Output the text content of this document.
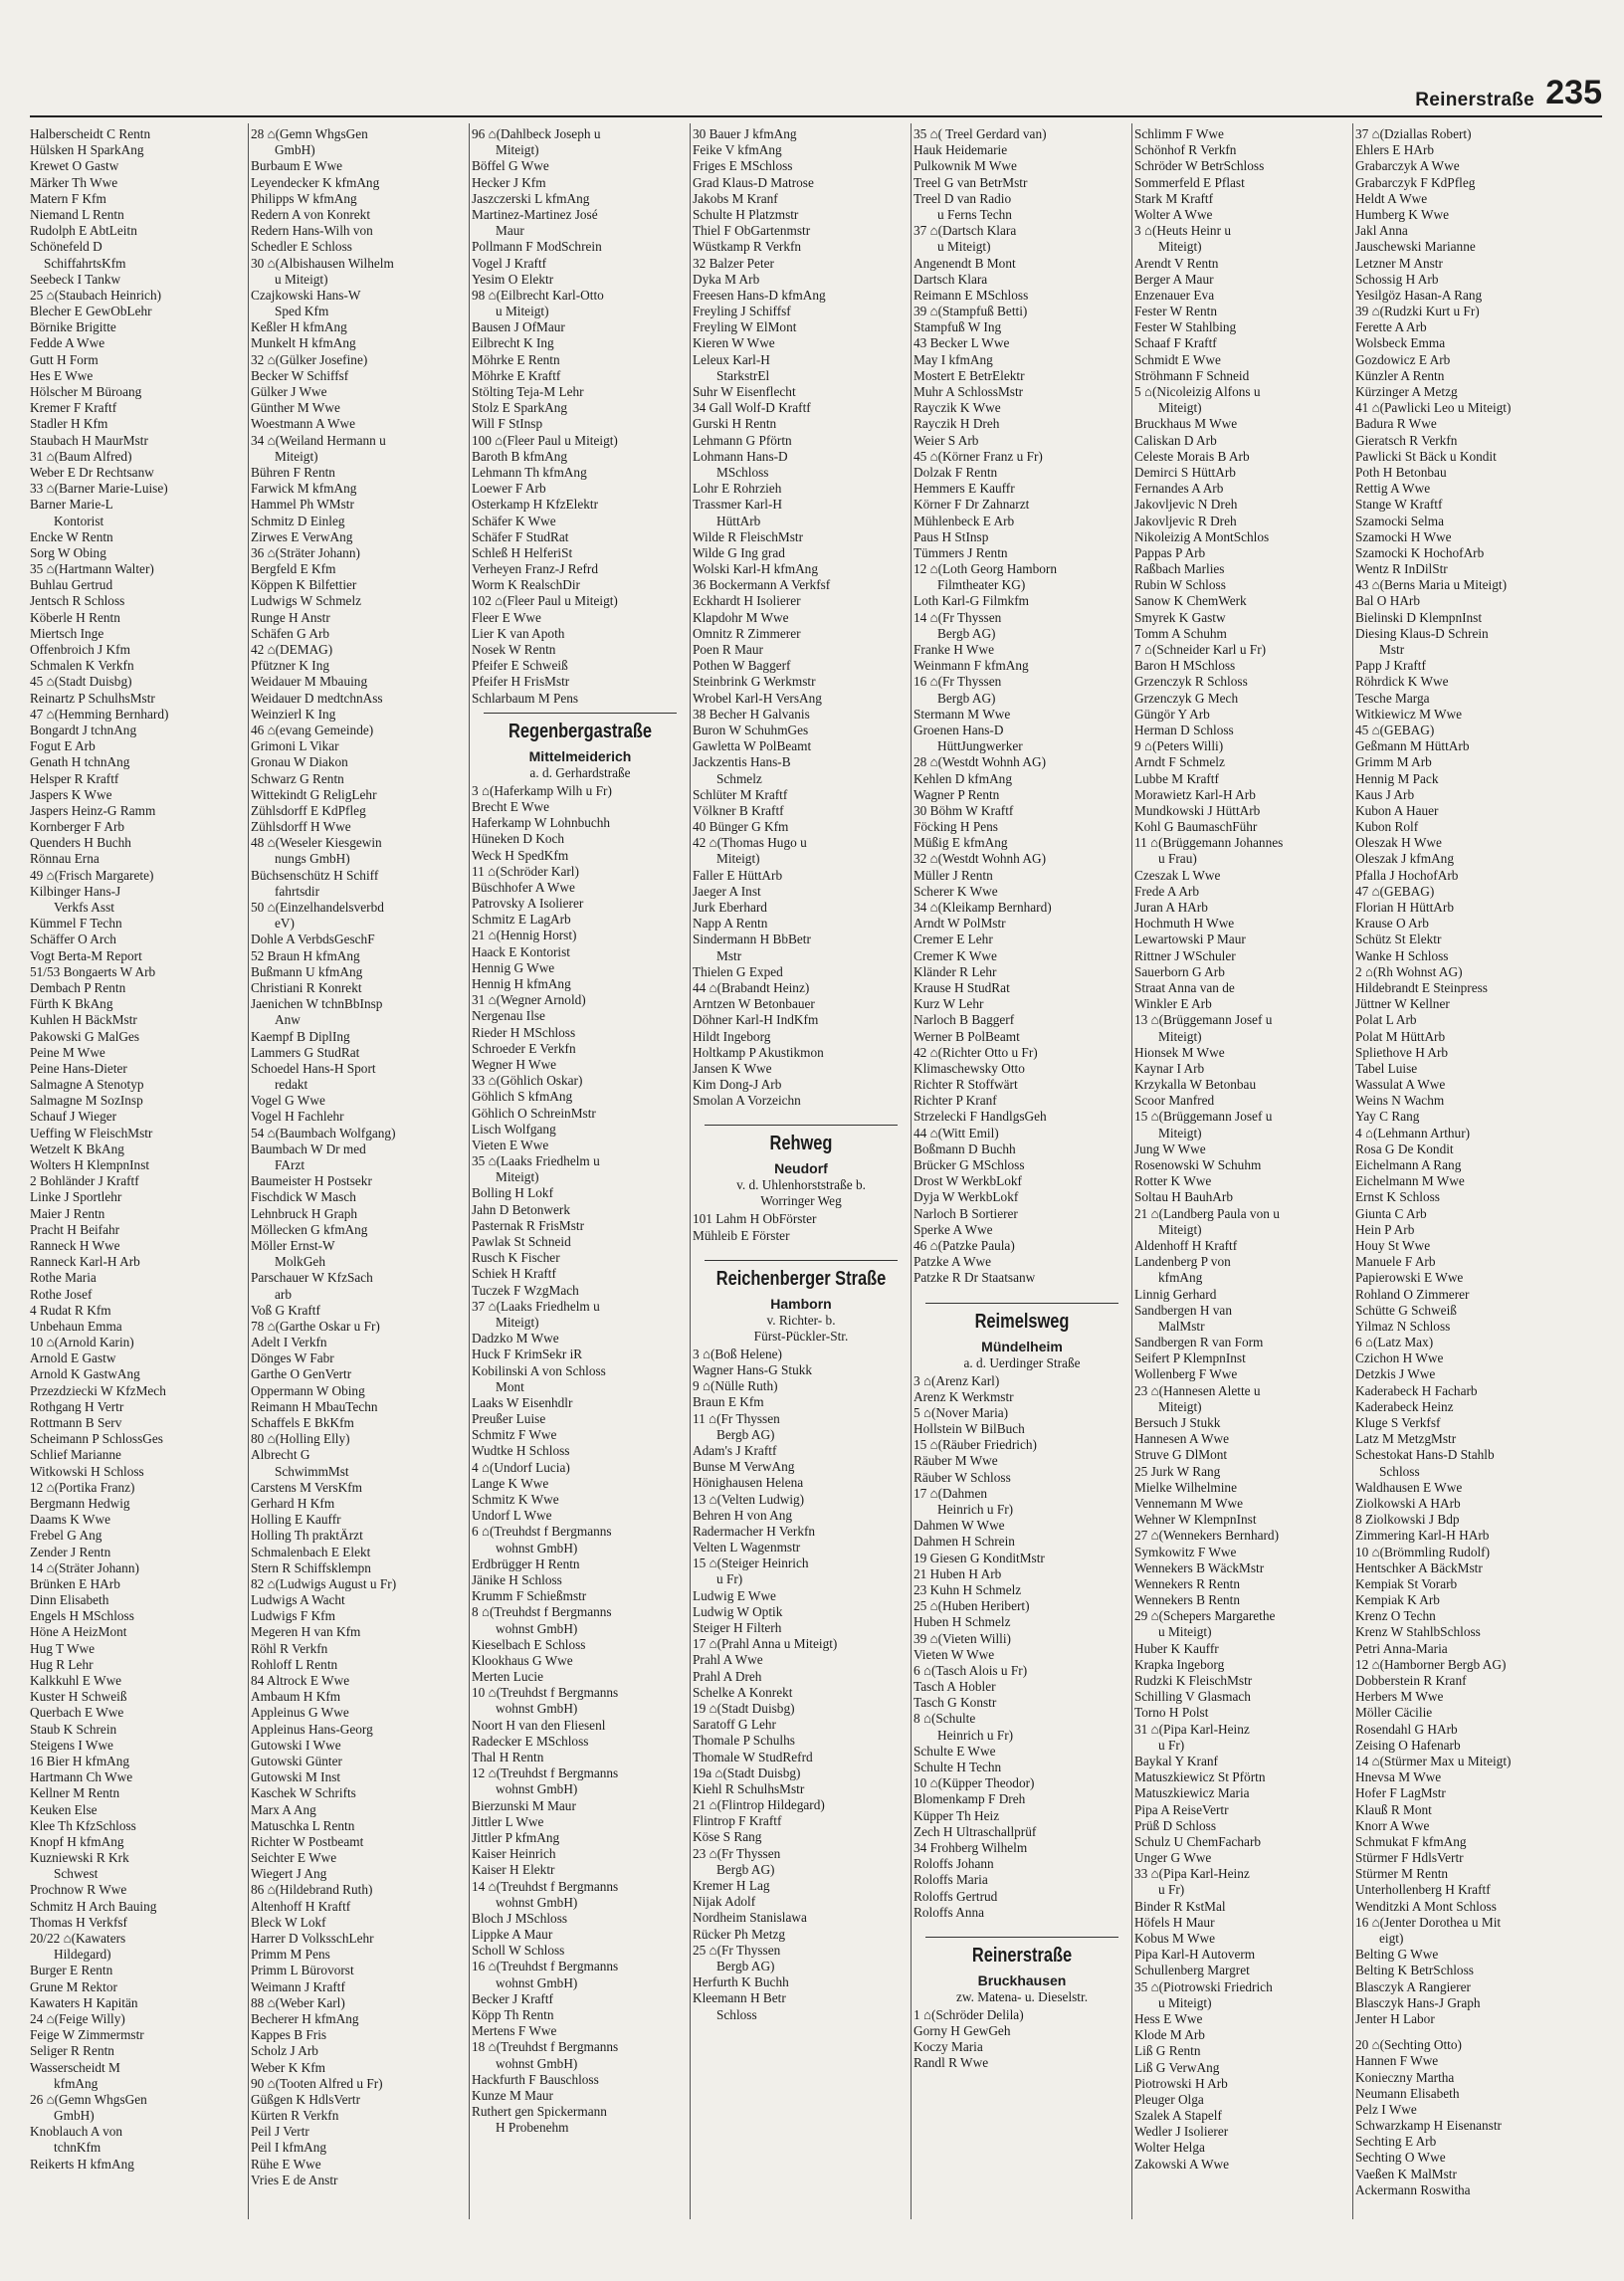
Reinerstraße 235
Halberscheidt C Rentn
Hülsken H SparkAng
Krewet O Gastw
Märker Th Wwe
Matern F Kfm
Niemand L Rentn
Rudolph E AbtLeitn
Schönefeld D
SchiffahrtsKfm
Seebeck I Tankw
25 ⌂(Staubach Heinrich)
Blecher E GewObLehr
Börnike Brigitte
Fedde A Wwe
Gutt H Form
Hes E Wwe
Hölscher M Büroang
Kremer F Kraftf
Stadler H Kfm
Staubach H MaurMstr
31 ⌂(Baum Alfred)
Weber E Dr Rechtsanw
33 ⌂(Barner Marie-Luise)
Barner Marie-L
Kontorist
Encke W Rentn
Sorg W Obing
35 ⌂(Hartmann Walter)
Buhlau Gertrud
Jentsch R Schloss
Köberle H Rentn
Miertsch Inge
Offenbroich J Kfm
Schmalen K Verkfn
45 ⌂(Stadt Duisbg)
Reinartz P SchulhsMstr
47 ⌂(Hemming Bernhard)
Bongardt J tchnAng
Fogut E Arb
Genath H tchnAng
Helsper R Kraftf
Jaspers K Wwe
Jaspers Heinz-G Ramm
Kornberger F Arb
Quenders H Buchh
Rönnau Erna
49 ⌂(Frisch Margarete)
Kilbinger Hans-J
Verkfs Asst
Kümmel F Techn
Schäffer O Arch
Vogt Berta-M Report
51/53 Bongaerts W Arb
Dembach P Rentn
Fürth K BkAng
Kuhlen H BäckMstr
Pakowski G MalGes
Peine M Wwe
Peine Hans-Dieter
Salmagne A Stenotyp
Salmagne M SozInsp
Schauf J Wieger
Ueffing W FleischMstr
Wetzelt K BkAng
Wolters H KlempnInst
2 Bohländer J Kraftf
Linke J Sportlehr
Maier J Rentn
Pracht H Beifahr
Ranneck H Wwe
Ranneck Karl-H Arb
Rothe Maria
Rothe Josef
4 Rudat R Kfm
Unbehaun Emma
10 ⌂(Arnold Karin)
Arnold E Gastw
Arnold K GastwAng
Przezdziecki W KfzMech
Rothgang H Vertr
Rottmann B Serv
Scheimann P SchlossGes
Schlief Marianne
Witkowski H Schloss
12 ⌂(Portika Franz)
Bergmann Hedwig
Daams K Wwe
Frebel G Ang
Zender J Rentn
14 ⌂(Sträter Johann)
Brünken E HArb
Dinn Elisabeth
Engels H MSchloss
Höne A HeizMont
Hug T Wwe
Hug R Lehr
Kalkkuhl E Wwe
Kuster H Schweiß
Querbach E Wwe
Staub K Schrein
Steigens I Wwe
16 Bier H kfmAng
Hartmann Ch Wwe
Kellner M Rentn
Keuken Else
Klee Th KfzSchloss
Knopf H kfmAng
Kuzniewski R Krk
Schwest
Prochnow R Wwe
Schmitz H Arch Bauing
Thomas H Verkfsf
20/22 ⌂(Kawaters
Hildegard)
Burger E Rentn
Grune M Rektor
Kawaters H Kapitän
24 ⌂(Feige Willy)
Feige W Zimmermstr
Seliger R Rentn
Wasserscheidt M
kfmAng
26 ⌂(Gemn WhgsGen
GmbH)
Knoblauch A von
tchnKfm
Reikerts H kfmAng
28 ⌂(Gemn WhgsGen
GmbH)
Burbaum E Wwe
Leyendecker K kfmAng
Philipps W kfmAng
Redern A von Konrekt
Redern Hans-Wilh von
Schedler E Schloss
30 ⌂(Albishausen Wilhelm
u Miteigt)
Czajkowski Hans-W
Sped Kfm
Keßler H kfmAng
Munkelt H kfmAng
32 ⌂(Gülker Josefine)
Becker W Schiffsf
Gülker J Wwe
Günther M Wwe
Woestmann A Wwe
34 ⌂(Weiland Hermann u
Miteigt)
Bühren F Rentn
Farwick M kfmAng
Hammel Ph WMstr
Schmitz D Einleg
Zirwes E VerwAng
36 ⌂(Sträter Johann)
Bergfeld E Kfm
Köppen K Bilfettier
Ludwigs W Schmelz
Runge H Anstr
Schäfen G Arb
42 ⌂(DEMAG)
Pfützner K Ing
Weidauer M Mbauing
Weidauer D medtchnAss
Weinzierl K Ing
46 ⌂(evang Gemeinde)
Grimoni L Vikar
Gronau W Diakon
Schwarz G Rentn
Wittekindt G ReligLehr
Zühlsdorff E KdPfleg
Zühlsdorff H Wwe
48 ⌂(Weseler Kiesgewin
nungs GmbH)
Büchsenschütz H Schiff
fahrtsdir
50 ⌂(Einzelhandelsverbd
eV)
Dohle A VerbdsGeschF
52 Braun H kfmAng
Bußmann U kfmAng
Christiani R Konrekt
Jaenichen W tchnBbInsp
Anw
Kaempf B DiplIng
Lammers G StudRat
Schoedel Hans-H Sport
redakt
Vogel G Wwe
Vogel H Fachlehr
54 ⌂(Baumbach Wolfgang)
Baumbach W Dr med
FArzt
Baumeister H Postsekr
Fischdick W Masch
Lehnbruck H Graph
Möllecken G kfmAng
Möller Ernst-W
MolkGeh
Parschauer W KfzSach
arb
Voß G Kraftf
78 ⌂(Garthe Oskar u Fr)
Adelt I Verkfn
Dönges W Fabr
Garthe O GenVertr
Oppermann W Obing
Reimann H MbauTechn
Schaffels E BkKfm
80 ⌂(Holling Elly)
Albrecht G
SchwimmMst
Carstens M VersKfm
Gerhard H Kfm
Holling E Kauffr
Holling Th praktÄrzt
Schmalenbach E Elekt
Stern R Schiffsklempn
82 ⌂(Ludwigs August u Fr)
Ludwigs A Wacht
Ludwigs F Kfm
Megeren H van Kfm
Röhl R Verkfn
Rohloff L Rentn
84 Altrock E Wwe
Ambaum H Kfm
Appleinus G Wwe
Appleinus Hans-Georg
Gutowski I Wwe
Gutowski Günter
Gutowski M Inst
Kaschek W Schrifts
Marx A Ang
Matuschka L Rentn
Richter W Postbeamt
Seichter E Wwe
Wiegert J Ang
86 ⌂(Hildebrand Ruth)
Altenhoff H Kraftf
Bleck W Lokf
Harrer D VolksschLehr
Primm M Pens
Primm L Bürovorst
Weimann J Kraftf
88 ⌂(Weber Karl)
Becherer H kfmAng
Kappes B Fris
Scholz J Arb
Weber K Kfm
90 ⌂(Tooten Alfred u Fr)
Güßgen K HdlsVertr
Kürten R Verkfn
Peil J Vertr
Peil I kfmAng
Rühe E Wwe
Vries E de Anstr
96 ⌂(Dahlbeck Joseph u
Miteigt)
Böffel G Wwe
Hecker J Kfm
Jaszczerski L kfmAng
Martinez-Martinez José
Maur
Pollmann F ModSchrein
Vogel J Kraftf
Yesim O Elektr
98 ⌂(Eilbrecht Karl-Otto
u Miteigt)
Bausen J OfMaur
Eilbrecht K Ing
Möhrke E Rentn
Möhrke E Kraftf
Stölting Teja-M Lehr
Stolz E SparkAng
Will F StInsp
100 ⌂(Fleer Paul u Miteigt)
Baroth B kfmAng
Lehmann Th kfmAng
Loewer F Arb
Osterkamp H KfzElektr
Schäfer K Wwe
Schäfer F StudRat
Schleß H HelferiSt
Verheyen Franz-J Refrd
Worm K RealschDir
102 ⌂(Fleer Paul u Miteigt)
Fleer E Wwe
Lier K van Apoth
Nosek W Rentn
Pfeifer E Schweiß
Pfeifer H FrisMstr
Schlarbaum M Pens
Regenbergastraße
Mittelmeiderich
a. d. Gerhardstraße
3 ⌂(Haferkamp Wilh u Fr)
Brecht E Wwe
Haferkamp W Lohnbuchh
Hüneken D Koch
Weck H SpedKfm
11 ⌂(Schröder Karl)
Büschhofer A Wwe
Patrovsky A Isolierer
Schmitz E LagArb
21 ⌂(Hennig Horst)
Haack E Kontorist
Hennig G Wwe
Hennig H kfmAng
31 ⌂(Wegner Arnold)
Nergenau Ilse
Rieder H MSchloss
Schroeder E Verkfn
Wegner H Wwe
33 ⌂(Göhlich Oskar)
Göhlich S kfmAng
Göhlich O SchreinMstr
Lisch Wolfgang
Vieten E Wwe
35 ⌂(Laaks Friedhelm u
Miteigt)
Bolling H Lokf
Jahn D Betonwerk
Pasternak R FrisMstr
Pawlak St Schneid
Rusch K Fischer
Schiek H Kraftf
Tuczek F WzgMach
37 ⌂(Laaks Friedhelm u
Miteigt)
Dadzko M Wwe
Huck F KrimSekr iR
Kobilinski A von Schloss
Mont
Laaks W Eisenhdlr
Preußer Luise
Schmitz F Wwe
Wudtke H Schloss
4 ⌂(Undorf Lucia)
Lange K Wwe
Schmitz K Wwe
Undorf L Wwe
6 ⌂(Treuhdst f Bergmanns
wohnst GmbH)
Erdbrügger H Rentn
Jänike H Schloss
Krumm F Schießmstr
8 ⌂(Treuhdst f Bergmanns
wohnst GmbH)
Kieselbach E Schloss
Klookhaus G Wwe
Merten Lucie
10 ⌂(Treuhdst f Bergmanns
wohnst GmbH)
Noort H van den Fliesenl
Radecker E MSchloss
Thal H Rentn
12 ⌂(Treuhdst f Bergmanns
wohnst GmbH)
Bierzunski M Maur
Jittler L Wwe
Jittler P kfmAng
Kaiser Heinrich
Kaiser H Elektr
14 ⌂(Treuhdst f Bergmanns
wohnst GmbH)
Bloch J MSchloss
Lippke A Maur
Scholl W Schloss
16 ⌂(Treuhdst f Bergmanns
wohnst GmbH)
Becker J Kraftf
Köpp Th Rentn
Mertens F Wwe
18 ⌂(Treuhdst f Bergmanns
wohnst GmbH)
Hackfurth F Bauschloss
Kunze M Maur
Ruthert gen Spickermann
H Probenehm
30 Bauer J kfmAng
Feike V kfmAng
Friges E MSchloss
Grad Klaus-D Matrose
Jakobs M Kranf
Schulte H Platzmstr
Thiel F ObGartenmstr
Wüstkamp R Verkfn
32 Balzer Peter
Dyka M Arb
Freesen Hans-D kfmAng
Freyling J Schiffsf
Freyling W ElMont
Kieren W Wwe
Leleux Karl-H
StarkstrEl
Suhr W Eisenflecht
34 Gall Wolf-D Kraftf
Gurski H Rentn
Lehmann G Pförtn
Lohmann Hans-D
MSchloss
Lohr E Rohrzieh
Trassmer Karl-H
HüttArb
Wilde R FleischMstr
Wilde G Ing grad
Wolski Karl-H kfmAng
36 Bockermann A Verkfsf
Eckhardt H Isolierer
Klapdohr M Wwe
Omnitz R Zimmerer
Poen R Maur
Pothen W Baggerf
Steinbrink G Werkmstr
Wrobel Karl-H VersAng
38 Becher H Galvanis
Buron W SchuhmGes
Gawletta W PolBeamt
Jackzentis Hans-B
Schmelz
Schlüter M Kraftf
Völkner B Kraftf
40 Bünger G Kfm
42 ⌂(Thomas Hugo u
Miteigt)
Faller E HüttArb
Jaeger A Inst
Jurk Eberhard
Napp A Rentn
Sindermann H BbBetr
Mstr
Thielen G Exped
44 ⌂(Brabandt Heinz)
Arntzen W Betonbauer
Döhner Karl-H IndKfm
Hildt Ingeborg
Holtkamp P Akustikmon
Jansen K Wwe
Kim Dong-J Arb
Smolan A Vorzeichn
Rehweg
Neudorf
v. d. Uhlenhorststraße b.
Worringer Weg
101 Lahm H ObFörster
Mühleib E Förster
Reichenberger Straße
Hamborn
v. Richter- b.
Fürst-Pückler-Str.
3 ⌂(Boß Helene)
Wagner Hans-G Stukk
9 ⌂(Nülle Ruth)
Braun E Kfm
11 ⌂(Fr Thyssen
Bergb AG)
Adam's J Kraftf
Bunse M VerwAng
Hönighausen Helena
13 ⌂(Velten Ludwig)
Behren H von Ang
Radermacher H Verkfn
Velten L Wagenmstr
15 ⌂(Steiger Heinrich
u Fr)
Ludwig E Wwe
Ludwig W Optik
Steiger H Filterh
17 ⌂(Prahl Anna u Miteigt)
Prahl A Wwe
Prahl A Dreh
Schelke A Konrekt
19 ⌂(Stadt Duisbg)
Saratoff G Lehr
Thomale P Schulhs
Thomale W StudRefrd
19a ⌂(Stadt Duisbg)
Kiehl R SchulhsMstr
21 ⌂(Flintrop Hildegard)
Flintrop F Kraftf
Köse S Rang
23 ⌂(Fr Thyssen
Bergb AG)
Kremer H Lag
Nijak Adolf
Nordheim Stanislawa
Rücker Ph Metzg
25 ⌂(Fr Thyssen
Bergb AG)
Herfurth K Buchh
Kleemann H Betr
Schloss
35 ⌂( Treel Gerdard van)
Hauk Heidemarie
Pulkownik M Wwe
Treel G van BetrMstr
Treel D van Radio
u Ferns Techn
37 ⌂(Dartsch Klara
u Miteigt)
Angenendt B Mont
Dartsch Klara
Reimann E MSchloss
39 ⌂(Stampfuß Betti)
Stampfuß W Ing
43 Becker L Wwe
May I kfmAng
Mostert E BetrElektr
Muhr A SchlossMstr
Rayczik K Wwe
Rayczik H Dreh
Weier S Arb
45 ⌂(Körner Franz u Fr)
Dolzak F Rentn
Hemmers E Kauffr
Körner F Dr Zahnarzt
Mühlenbeck E Arb
Paus H StInsp
Tümmers J Rentn
12 ⌂(Loth Georg Hamborn
Filmtheater KG)
Loth Karl-G Filmkfm
14 ⌂(Fr Thyssen
Bergb AG)
Franke H Wwe
Weinmann F kfmAng
16 ⌂(Fr Thyssen
Bergb AG)
Stermann M Wwe
Groenen Hans-D
HüttJungwerker
28 ⌂(Westdt Wohnh AG)
Kehlen D kfmAng
Wagner P Rentn
30 Böhm W Kraftf
Föcking H Pens
Müßig E kfmAng
32 ⌂(Westdt Wohnh AG)
Müller J Rentn
Scherer K Wwe
34 ⌂(Kleikamp Bernhard)
Arndt W PolMstr
Cremer E Lehr
Cremer K Wwe
Kländer R Lehr
Krause H StudRat
Kurz W Lehr
Narloch B Baggerf
Werner B PolBeamt
42 ⌂(Richter Otto u Fr)
Klimaschewsky Otto
Richter R Stoffwärt
Richter P Kranf
Strzelecki F HandlgsGeh
44 ⌂(Witt Emil)
Boßmann D Buchh
Brücker G MSchloss
Drost W WerkbLokf
Dyja W WerkbLokf
Narloch B Sortierer
Sperke A Wwe
46 ⌂(Patzke Paula)
Patzke A Wwe
Patzke R Dr Staatsanw
Reimelsweg
Mündelheim
a. d. Uerdinger Straße
3 ⌂(Arenz Karl)
Arenz K Werkmstr
5 ⌂(Nover Maria)
Hollstein W BilBuch
15 ⌂(Räuber Friedrich)
Räuber M Wwe
Räuber W Schloss
17 ⌂(Dahmen
Heinrich u Fr)
Dahmen W Wwe
Dahmen H Schrein
19 Giesen G KonditMstr
21 Huben H Arb
23 Kuhn H Schmelz
25 ⌂(Huben Heribert)
Huben H Schmelz
39 ⌂(Vieten Willi)
Vieten W Wwe
6 ⌂(Tasch Alois u Fr)
Tasch A Hobler
Tasch G Konstr
8 ⌂(Schulte
Heinrich u Fr)
Schulte E Wwe
Schulte H Techn
10 ⌂(Küpper Theodor)
Blomenkamp F Dreh
Küpper Th Heiz
Zech H Ultraschallprüf
34 Frohberg Wilhelm
Roloffs Johann
Roloffs Maria
Roloffs Gertrud
Roloffs Anna
Reinerstraße
Bruckhausen
zw. Matena- u. Dieselstr.
1 ⌂(Schröder Delila)
Gorny H GewGeh
Koczy Maria
Randl R Wwe
Schlimm F Wwe
Schönhof R Verkfn
Schröder W BetrSchloss
Sommerfeld E Pflast
Stark M Kraftf
Wolter A Wwe
3 ⌂(Heuts Heinr u
Miteigt)
Arendt V Rentn
Berger A Maur
Enzenauer Eva
Fester W Rentn
Fester W Stahlbing
Schaaf F Kraftf
Schmidt E Wwe
Ströhmann F Schneid
5 ⌂(Nicoleizig Alfons u
Miteigt)
Bruckhaus M Wwe
Caliskan D Arb
Celeste Morais B Arb
Demirci S HüttArb
Fernandes A Arb
Jakovljevic N Dreh
Jakovljevic R Dreh
Nikoleizig A MontSchlos
Pappas P Arb
Raßbach Marlies
Rubin W Schloss
Sanow K ChemWerk
Smyrek K Gastw
Tomm A Schuhm
7 ⌂(Schneider Karl u Fr)
Baron H MSchloss
Grzenczyk R Schloss
Grzenczyk G Mech
Güngör Y Arb
Herman D Schloss
9 ⌂(Peters Willi)
Arndt F Schmelz
Lubbe M Kraftf
Morawietz Karl-H Arb
Mundkowski J HüttArb
Kohl G BaumaschFühr
11 ⌂(Brüggemann Johannes
u Frau)
Czeszak L Wwe
Frede A Arb
Juran A HArb
Hochmuth H Wwe
Lewartowski P Maur
Rittner J WSchuler
Sauerborn G Arb
Straat Anna van de
Winkler E Arb
13 ⌂(Brüggemann Josef u
Miteigt)
Hionsek M Wwe
Kaynar I Arb
Krzykalla W Betonbau
Scoor Manfred
15 ⌂(Brüggemann Josef u
Miteigt)
Jung W Wwe
Rosenowski W Schuhm
Rotter K Wwe
Soltau H BauhArb
21 ⌂(Landberg Paula von u
Miteigt)
Aldenhoff H Kraftf
Landenberg P von
kfmAng
Linnig Gerhard
Sandbergen H van
MalMstr
Sandbergen R van Form
Seifert P KlempnInst
Wollenberg F Wwe
23 ⌂(Hannesen Alette u
Miteigt)
Bersuch J Stukk
Hannesen A Wwe
Struve G DlMont
25 Jurk W Rang
Mielke Wilhelmine
Vennemann M Wwe
Wehner W KlempnInst
27 ⌂(Wennekers Bernhard)
Symkowitz F Wwe
Wennekers B WäckMstr
Wennekers R Rentn
Wennekers B Rentn
29 ⌂(Schepers Margarethe
u Miteigt)
Huber K Kauffr
Krapka Ingeborg
Rudzki K FleischMstr
Schilling V Glasmach
Torno H Polst
31 ⌂(Pipa Karl-Heinz
u Fr)
Baykal Y Kranf
Matuszkiewicz St Pförtn
Matuszkiewicz Maria
Pipa A ReiseVertr
Prüß D Schloss
Schulz U ChemFacharb
Unger G Wwe
33 ⌂(Pipa Karl-Heinz
u Fr)
Binder R KstMal
Höfels H Maur
Kobus M Wwe
Pipa Karl-H Autoverm
Schullenberg Margret
35 ⌂(Piotrowski Friedrich
u Miteigt)
Hess E Wwe
Klode M Arb
Liß G Rentn
Liß G VerwAng
Piotrowski H Arb
Pleuger Olga
Szalek A Stapelf
Wedler J Isolierer
Wolter Helga
Zakowski A Wwe
37 ⌂(Dziallas Robert)
Ehlers E HArb
Grabarczyk A Wwe
Grabarczyk F KdPfleg
Heldt A Wwe
Humberg K Wwe
Jakl Anna
Jauschewski Marianne
Letzner M Anstr
Schossig H Arb
Yesilgöz Hasan-A Rang
39 ⌂(Rudzki Kurt u Fr)
Ferette A Arb
Wolsbeck Emma
Gozdowicz E Arb
Künzler A Rentn
Kürzinger A Metzg
41 ⌂(Pawlicki Leo u Miteigt)
Badura R Wwe
Gieratsch R Verkfn
Pawlicki St Bäck u Kondit
Poth H Betonbau
Rettig A Wwe
Stange W Kraftf
Szamocki Selma
Szamocki H Wwe
Szamocki K HochofArb
Wentz R InDilStr
43 ⌂(Berns Maria u Miteigt)
Bal O HArb
Bielinski D KlempnInst
Diesing Klaus-D Schrein
Mstr
Papp J Kraftf
Röhrdick K Wwe
Tesche Marga
Witkiewicz M Wwe
45 ⌂(GEBAG)
Geßmann M HüttArb
Grimm M Arb
Hennig M Pack
Kaus J Arb
Kubon A Hauer
Kubon Rolf
Oleszak H Wwe
Oleszak J kfmAng
Pfalla J HochofArb
47 ⌂(GEBAG)
Florian H HüttArb
Krause O Arb
Schütz St Elektr
Wanke H Schloss
2 ⌂(Rh Wohnst AG)
Hildebrandt E Steinpress
Jüttner W Kellner
Polat L Arb
Polat M HüttArb
Spliethove H Arb
Tabel Luise
Wassulat A Wwe
Weins N Wachm
Yay C Rang
4 ⌂(Lehmann Arthur)
Rosa G De Kondit
Eichelmann A Rang
Eichelmann M Wwe
Ernst K Schloss
Giunta C Arb
Hein P Arb
Houy St Wwe
Manuele F Arb
Papierowski E Wwe
Rohland O Zimmerer
Schütte G Schweiß
Yilmaz N Schloss
6 ⌂(Latz Max)
Czichon H Wwe
Detzkis J Wwe
Kaderabeck H Facharb
Kaderabeck Heinz
Kluge S Verkfsf
Latz M MetzgMstr
Schestokat Hans-D Stahlb
Schloss
Waldhausen E Wwe
Ziolkowski A HArb
8 Ziolkowski J Bdp
Zimmering Karl-H HArb
10 ⌂(Brömmling Rudolf)
Hentschker A BäckMstr
Kempiak St Vorarb
Kempiak K Arb
Krenz O Techn
Krenz W StahlbSchloss
Petri Anna-Maria
12 ⌂(Hamborner Bergb AG)
Dobberstein R Kranf
Herbers M Wwe
Möller Cäcilie
Rosendahl G HArb
Zeising O Hafenarb
14 ⌂(Stürmer Max u Miteigt)
Hnevsa M Wwe
Hofer F LagMstr
Klauß R Mont
Knorr A Wwe
Schmukat F kfmAng
Stürmer F HdlsVertr
Stürmer M Rentn
Unterhollenberg H Kraftf
Wenditzki A Mont Schloss
16 ⌂(Jenter Dorothea u Mit
eigt)
Belting G Wwe
Belting K BetrSchloss
Blasczyk A Rangierer
Blasczyk Hans-J Graph
Jenter H Labor
20 ⌂(Sechting Otto)
Hannen F Wwe
Konieczny Martha
Neumann Elisabeth
Pelz I Wwe
Schwarzkamp H Eisenanstr
Sechting E Arb
Sechting O Wwe
Vaeßen K MalMstr
Ackermann Roswitha
